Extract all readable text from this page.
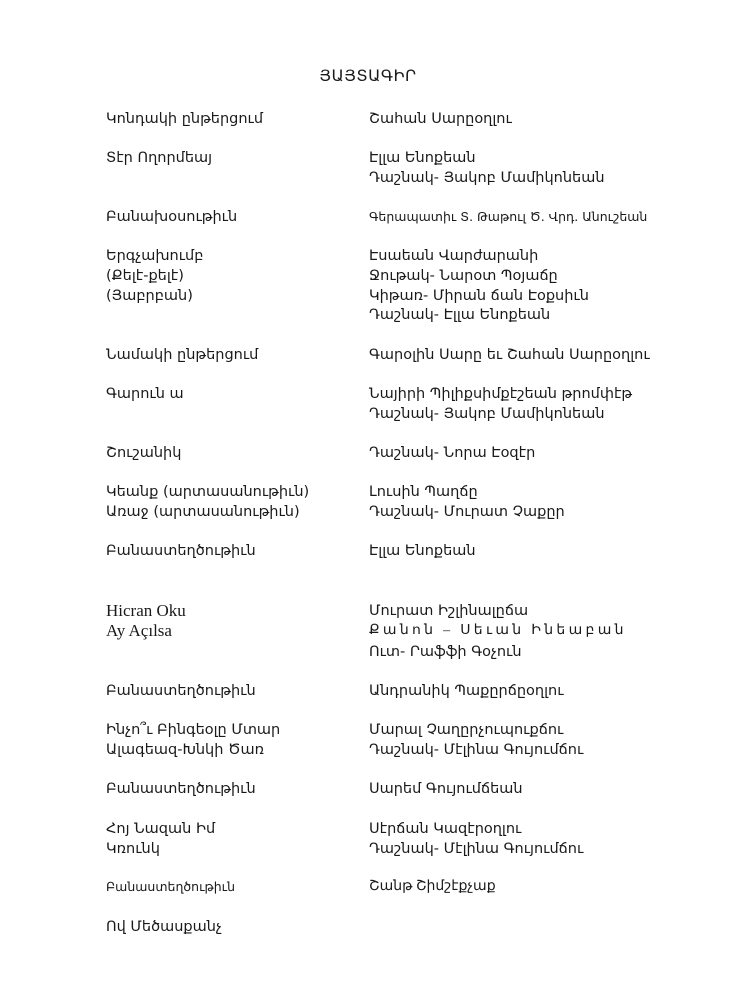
ՅԱՅՏԱԳԻՐ
Կոնդակի ընթերցում	Շահան Սարըօղլու
Տէր Ողորմեայ	Էլլա Ենոքեան
Դաշնակ- Յակոբ Մամիկոնեան
Բանախօսութիւն	Գերապատիւ Տ. Թաթուլ Ծ. Վրդ. Անուշեան
Երգչախումբ	Էսաեան Վարժարանի
(Քելէ-քելէ)	Ջութակ- Նարօտ Պօյաճը
(Յաբրբան)	Կիթառ- Միրան ճան Էօքսիւն
Դաշնակ- Էլլա Ենոքեան
Նամակի ընթերցում	Գարօլին Սարը եւ Շահան Սարըօղլու
Գարուն ա	Նայիրի Պիլիքսիմքէշեան թրոմփէթ
Դաշնակ- Յակոբ Մամիկոնեան
Շուշանիկ	Դաշնակ- Նորա Էօզէր
Կեանք (արտասանութիւն)	Լուսին Պաղճը
Առաջ (արտասանութիւն)	Դաշնակ- Մուրատ Չաքըր
Բանաստեղծութիւն	Էլլա Ենոքեան
Hicran Oku	Մուրատ Իշլինալըճա
Ay Açılsa	Քանոն – Սեւան Ինեաբան
Ուտ- Րաֆֆի Գօչուն
Բանաստեղծութիւն	Անդրանիկ Պաքըրճըօղլու
Ինչո՞ւ Բինգեօլը Մտար	Մարալ Չաղըրչուպուքճու
Ալագեազ-Խնկի Ծառ	Դաշնակ- Մէլինա Գույումճու
Բանաստեղծութիւն	Սարեմ Գույումճեան
Հոյ Նազան Իմ	Սէրճան Կազէրօղլու
Կռունկ	Դաշնակ- Մէլինա Գույումճու
Բանաստեղծութիւն	Շանթ Շիմշէքչաք
Ով Մեծասքանչ
